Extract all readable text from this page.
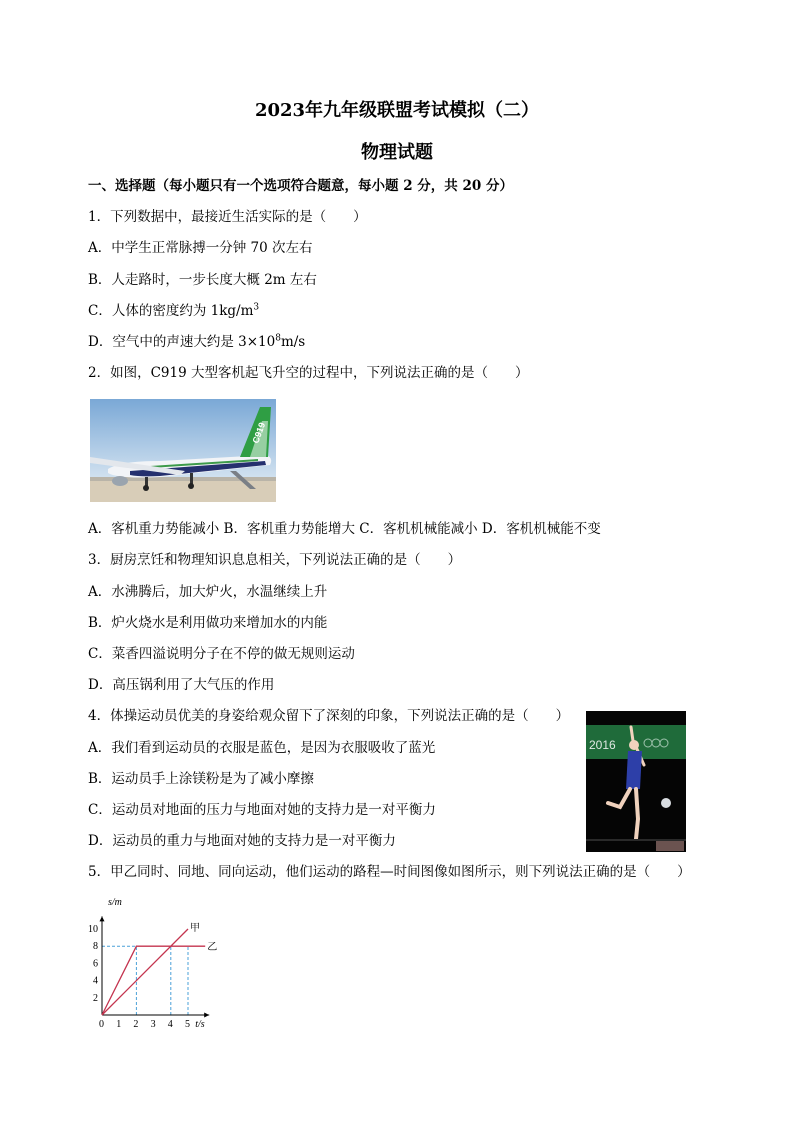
2023年九年级联盟考试模拟（二）
物理试题
一、选择题（每小题只有一个选项符合题意，每小题 2 分，共 20 分）
1．下列数据中，最接近生活实际的是（　　）
A．中学生正常脉搏一分钟 70 次左右
B．人走路时，一步长度大概 2m 左右
C．人体的密度约为 $1kg/m^3$
D．空气中的声速大约是 $3\times 10^8m/s$
2．如图，C919 大型客机起飞升空的过程中，下列说法正确的是（　　）
C919
A．客机重力势能减小 B．客机重力势能增大 C．客机机械能减小 D．客机机械能不变
3．厨房烹饪和物理知识息息相关，下列说法正确的是（　　）
A．水沸腾后，加大炉火，水温继续上升
B．炉火烧水是利用做功来增加水的内能
C．菜香四溢说明分子在不停的做无规则运动
D．高压锅利用了大气压的作用
4．体操运动员优美的身姿给观众留下了深刻的印象，下列说法正确的是（　　）
A．我们看到运动员的衣服是蓝色，是因为衣服吸收了蓝光
B．运动员手上涂镁粉是为了减小摩擦
C．运动员对地面的压力与地面对她的支持力是一对平衡力
D．运动员的重力与地面对她的支持力是一对平衡力
2016
5．甲乙同时、同地、同向运动，他们运动的路程—时间图像如图所示，则下列说法正确的是（　　）
0 1 2 3 4 5
2
4
6
8
10
s/m
t/s
甲
乙
